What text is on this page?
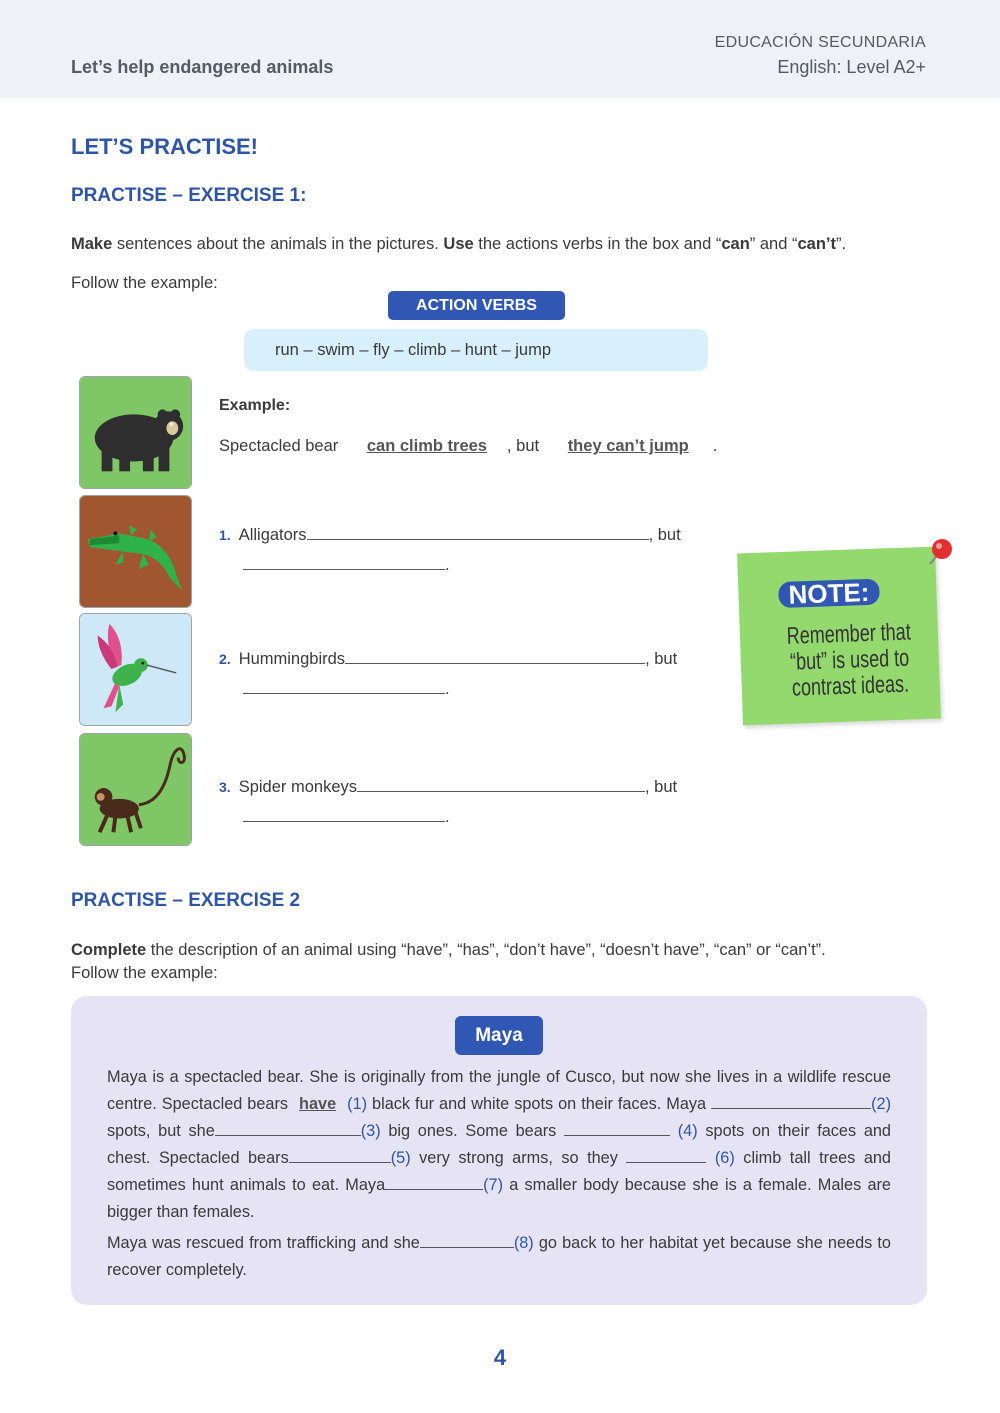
Let’s help endangered animals
EDUCACIÓN SECUNDARIA
English: Level A2+
LET’S PRACTISE!
PRACTISE – EXERCISE 1:
Make sentences about the animals in the pictures. Use the actions verbs in the box and “can” and “can’t”.
Follow the example:
ACTION VERBS
run – swim – fly – climb – hunt – jump
Example:
Spectacled bear can climb trees , but they can’t jump .
1. Alligators	, but
.
2. Hummingbirds	, but
.
3. Spider monkeys	, but
.
NOTE:
Remember that “but” is used to contrast ideas.
PRACTISE – EXERCISE 2
Complete the description of an animal using “have”, “has”, “don’t have”, “doesn’t have”, “can” or “can’t”.
Follow the example:
Maya
Maya is a spectacled bear. She is originally from the jungle of Cusco, but now she lives in a wildlife rescue centre. Spectacled bears have (1) black fur and white spots on their faces. Maya	(2) spots, but she	(3) big ones. Some bears	(4) spots on their faces and chest. Spectacled bears	(5) very strong arms, so they	(6) climb tall trees and sometimes hunt animals to eat. Maya	(7) a smaller body because she is a female. Males are bigger than females.
Maya was rescued from trafficking and she	(8) go back to her habitat yet because she needs to recover completely.
4
